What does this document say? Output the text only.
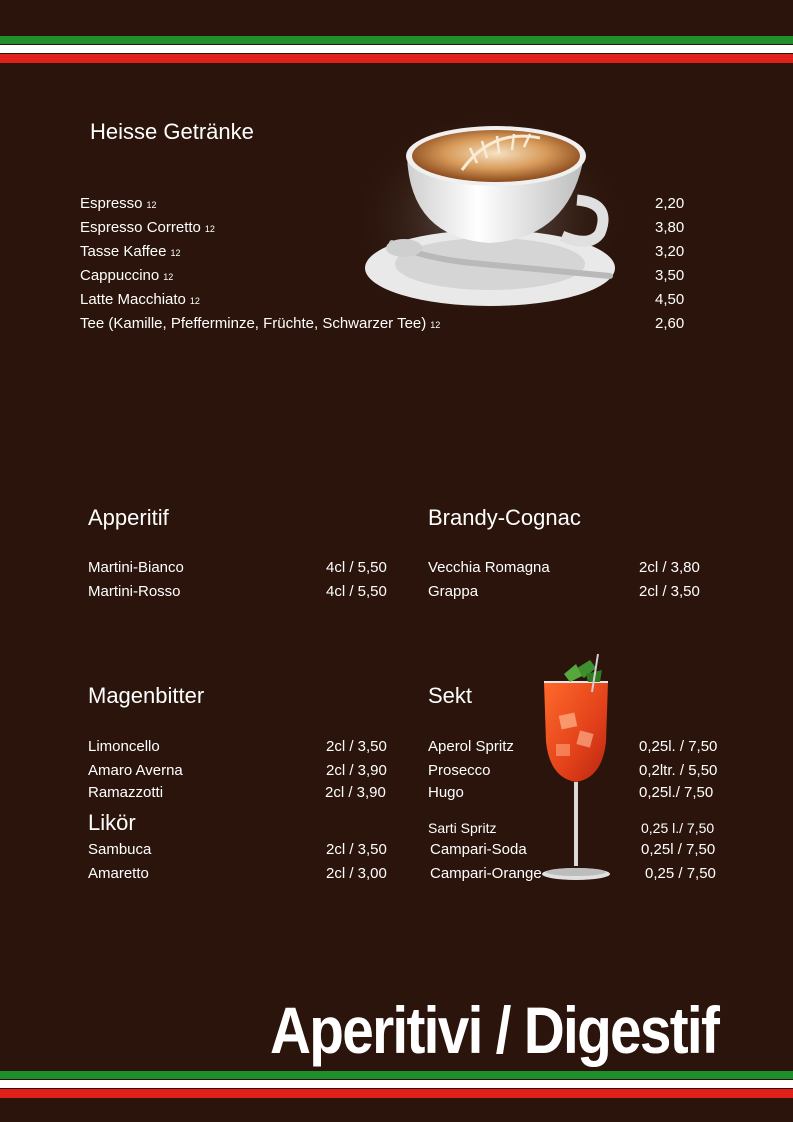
Heisse Getränke
Espresso 12
Espresso Corretto 12
Tasse Kaffee 12
Cappuccino 12
Latte Macchiato 12
Tee (Kamille, Pfefferminze, Früchte, Schwarzer Tee) 12
2,20
3,80
3,20
3,50
4,50
2,60
Apperitif
Martini-Bianco
Martini-Rosso
4cl / 5,50
4cl / 5,50
Brandy-Cognac
Vecchia Romagna
Grappa
2cl / 3,80
2cl / 3,50
Magenbitter
Limoncello
Amaro Averna
Ramazzotti
2cl / 3,50
2cl / 3,90
2cl / 3,90
Likör
Sambuca
Amaretto
2cl / 3,50
2cl / 3,00
Sekt
Aperol Spritz
Prosecco
Hugo
Sarti Spritz
Campari-Soda
Campari-Orange
0,25l. / 7,50
0,2ltr. / 5,50
0,25l./ 7,50
0,25 l./ 7,50
0,25l / 7,50
0,25 / 7,50
Aperitivi / Digestif
